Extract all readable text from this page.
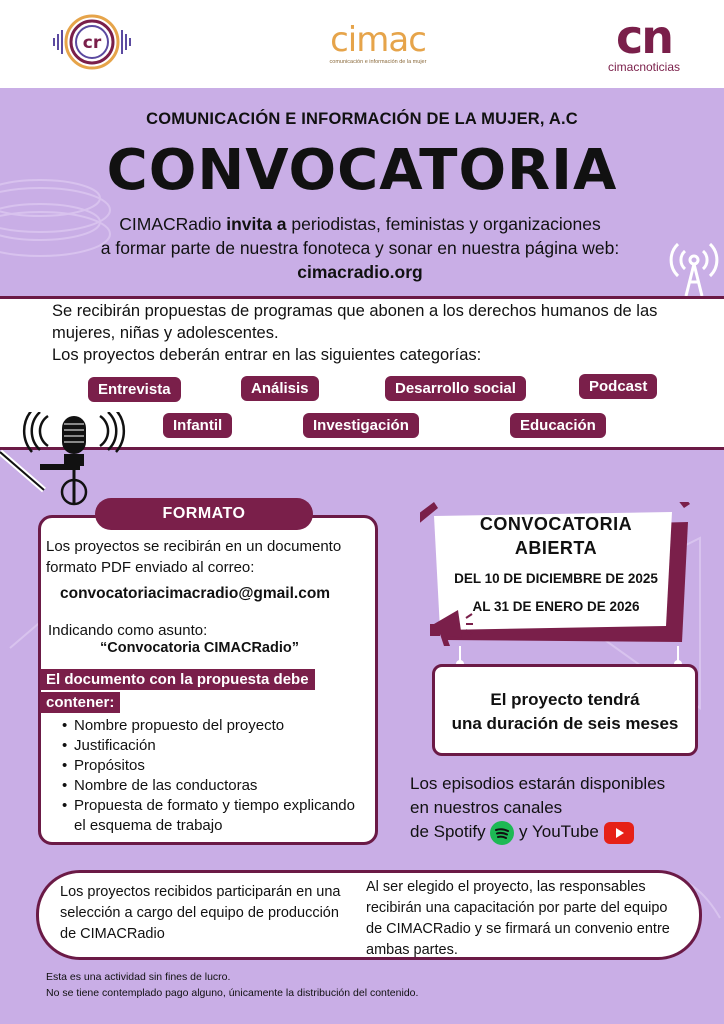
cr	cimac
comunicación e información de la mujer	cn
cimacnoticias
COMUNICACIÓN E INFORMACIÓN DE LA MUJER, A.C
CONVOCATORIA
CIMACRadio invita a periodistas, feministas y organizaciones
a formar parte de nuestra fonoteca y sonar en nuestra página web:
cimacradio.org
Se recibirán propuestas de programas que abonen a los derechos humanos de las mujeres, niñas y adolescentes.
Los proyectos deberán entrar en las siguientes categorías:
Entrevista	Análisis	Desarrollo social	Podcast
Infantil	Investigación	Educación
FORMATO
Los proyectos se recibirán en un documento formato PDF enviado al correo:
convocatoriacimacradio@gmail.com
Indicando como asunto:
“Convocatoria CIMACRadio”
El documento con la propuesta debe contener:
• Nombre propuesto del proyecto
• Justificación
• Propósitos
• Nombre de las conductoras
• Propuesta de formato y tiempo explicando el esquema de trabajo
CONVOCATORIA
ABIERTA
DEL 10 DE DICIEMBRE DE 2025
AL 31 DE ENERO DE 2026
El proyecto tendrá
una duración de seis meses
Los episodios estarán disponibles
en nuestros canales
de Spotify  y YouTube
Los proyectos recibidos participarán en una selección a cargo del equipo de producción de CIMACRadio
Al ser elegido el proyecto, las responsables recibirán una capacitación por parte del equipo de CIMACRadio y se firmará un convenio entre ambas partes.
Esta es una actividad sin fines de lucro.
No se tiene contemplado pago alguno, únicamente la distribución del contenido.
